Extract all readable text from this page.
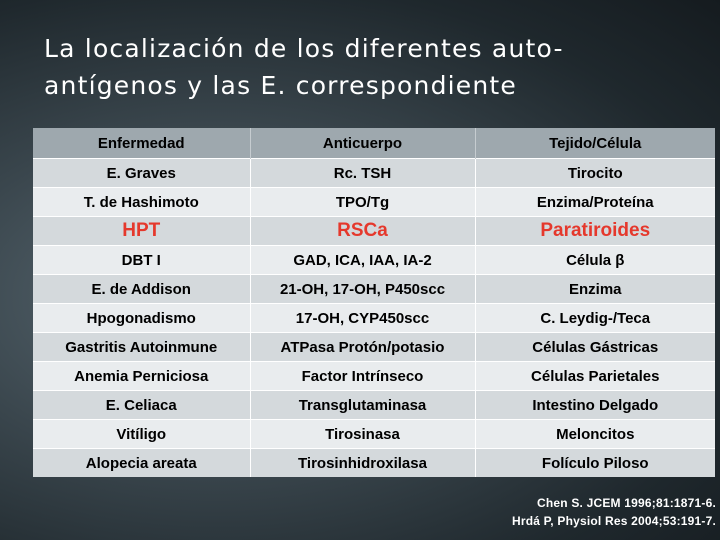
La localización de los diferentes auto-antígenos y las E. correspondiente
Enfermedad	Anticuerpo	Tejido/Célula
E. Graves	Rc. TSH	Tirocito
T. de Hashimoto	TPO/Tg	Enzima/Proteína
HPT	RSCa	Paratiroides
DBT I	GAD, ICA, IAA, IA-2	Célula β
E. de Addison	21-OH, 17-OH, P450scc	Enzima
Hpogonadismo	17-OH, CYP450scc	C. Leydig-/Teca
Gastritis Autoinmune	ATPasa Protón/potasio	Células Gástricas
Anemia Perniciosa	Factor Intrínseco	Células Parietales
E. Celiaca	Transglutaminasa	Intestino Delgado
Vitíligo	Tirosinasa	Meloncitos
Alopecia areata	Tirosinhidroxilasa	Folículo Piloso
Chen S. JCEM 1996;81:1871-6.
Hrdá P, Physiol Res 2004;53:191-7.
